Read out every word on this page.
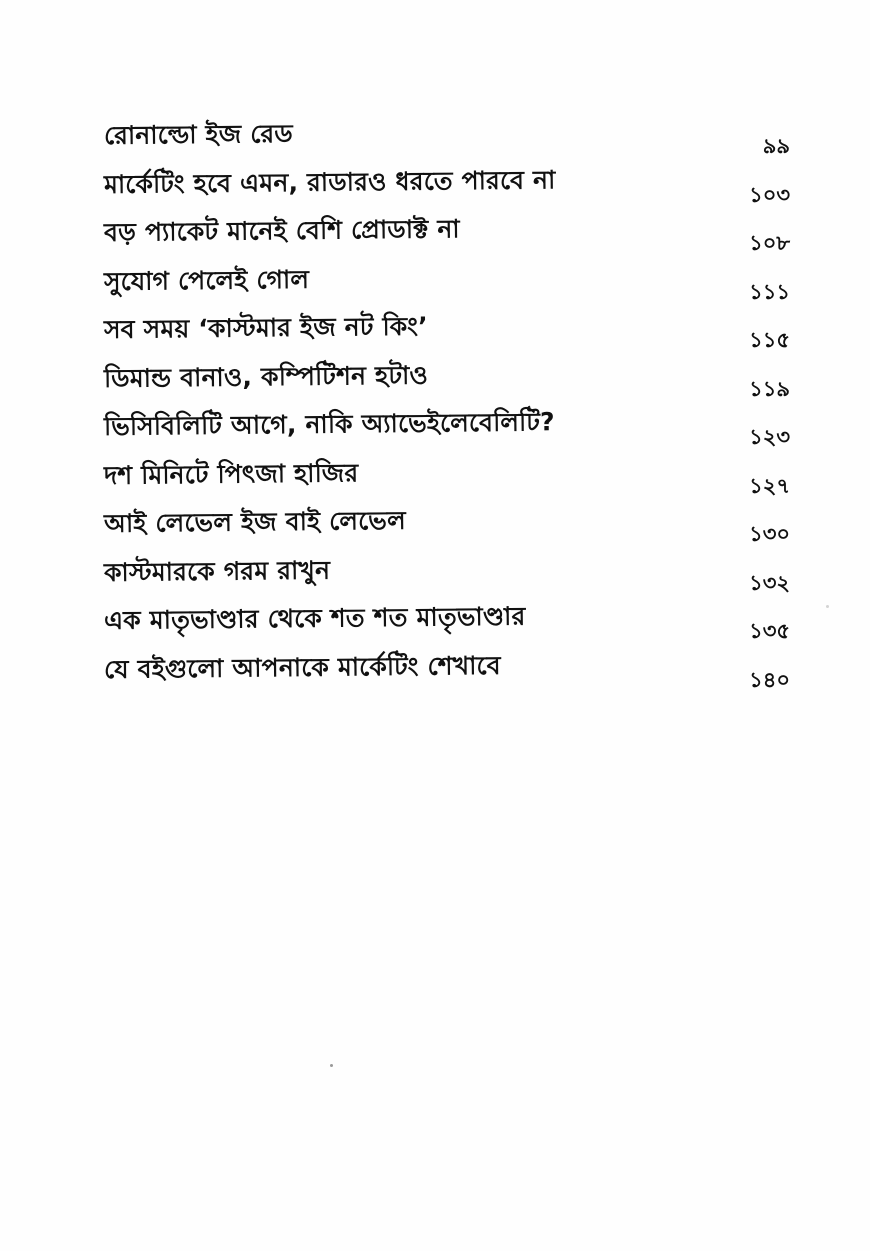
রোনাল্ডো ইজ রেড	৯৯
মার্কেটিং হবে এমন, রাডারও ধরতে পারবে না	১০৩
বড় প্যাকেট মানেই বেশি প্রোডাক্ট না	১০৮
সুযোগ পেলেই গোল	১১১
সব সময় ‘কাস্টমার ইজ নট কিং’	১১৫
ডিমান্ড বানাও, কম্পিটিশন হটাও	১১৯
ভিসিবিলিটি আগে, নাকি অ্যাভেইলেবেলিটি?	১২৩
দশ মিনিটে পিৎজা হাজির	১২৭
আই লেভেল ইজ বাই লেভেল	১৩০
কাস্টমারকে গরম রাখুন	১৩২
এক মাতৃভাণ্ডার থেকে শত শত মাতৃভাণ্ডার	১৩৫
যে বইগুলো আপনাকে মার্কেটিং শেখাবে	১৪০
